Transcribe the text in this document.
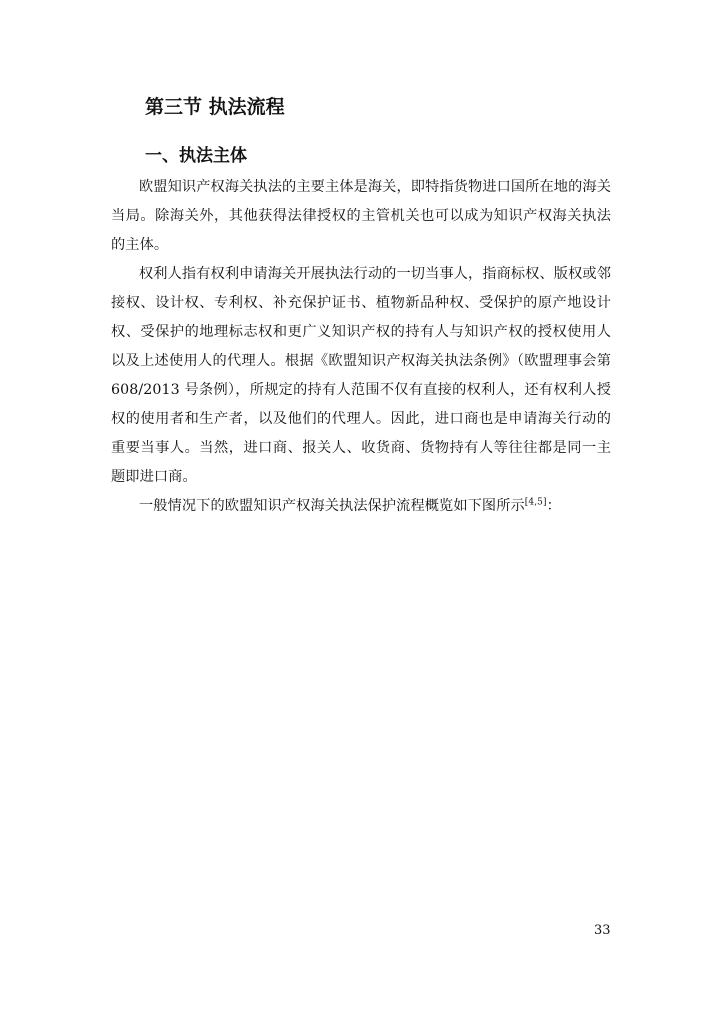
第三节 执法流程
一、执法主体

欧盟知识产权海关执法的主要主体是海关，即特指货物进口国所在地的海关当局。除海关外，其他获得法律授权的主管机关也可以成为知识产权海关执法的主体。

权利人指有权利申请海关开展执法行动的一切当事人，指商标权、版权或邻接权、设计权、专利权、补充保护证书、植物新品种权、受保护的原产地设计权、受保护的地理标志权和更广义知识产权的持有人与知识产权的授权使用人以及上述使用人的代理人。根据《欧盟知识产权海关执法条例》（欧盟理事会第608/2013 号条例），所规定的持有人范围不仅有直接的权利人，还有权利人授权的使用者和生产者，以及他们的代理人。因此，进口商也是申请海关行动的重要当事人。当然，进口商、报关人、收货商、货物持有人等往往都是同一主题即进口商。

一般情况下的欧盟知识产权海关执法保护流程概览如下图所示[4,5]：

33
